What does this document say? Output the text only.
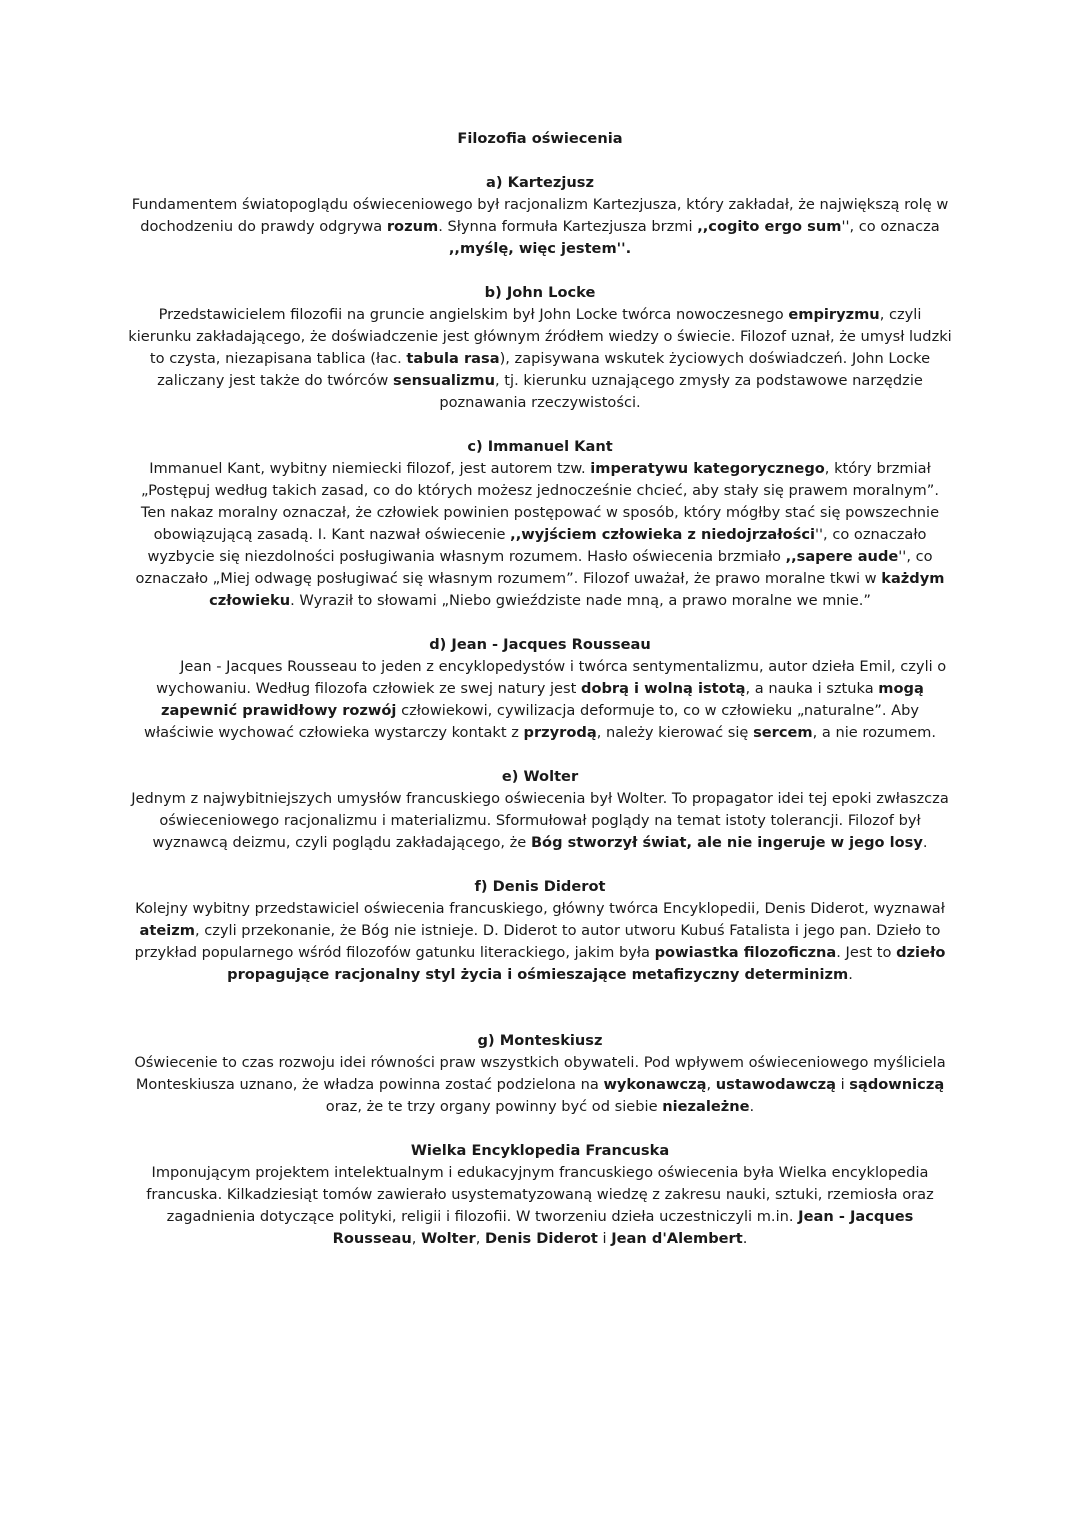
Filozofia oświecenia

a) Kartezjusz

Fundamentem światopoglądu oświeceniowego był racjonalizm Kartezjusza, który zakładał, że największą rolę w dochodzeniu do prawdy odgrywa rozum. Słynna formuła Kartezjusza brzmi ,,cogito ergo sum'', co oznacza ,,myślę, więc jestem''.

b) John Locke

Przedstawicielem filozofii na gruncie angielskim był John Locke twórca nowoczesnego empiryzmu, czyli kierunku zakładającego, że doświadczenie jest głównym źródłem wiedzy o świecie. Filozof uznał, że umysł ludzki to czysta, niezapisana tablica (łac. tabula rasa), zapisywana wskutek życiowych doświadczeń. John Locke zaliczany jest także do twórców sensualizmu, tj. kierunku uznającego zmysły za podstawowe narzędzie poznawania rzeczywistości.

c) Immanuel Kant

Immanuel Kant, wybitny niemiecki filozof, jest autorem tzw. imperatywu kategorycznego, który brzmiał „Postępuj według takich zasad, co do których możesz jednocześnie chcieć, aby stały się prawem moralnym”. Ten nakaz moralny oznaczał, że człowiek powinien postępować w sposób, który mógłby stać się powszechnie obowiązującą zasadą. I. Kant nazwał oświecenie ,,wyjściem człowieka z niedojrzałości'', co oznaczało wyzbycie się niezdolności posługiwania własnym rozumem. Hasło oświecenia brzmiało ,,sapere aude'', co oznaczało „Miej odwagę posługiwać się własnym rozumem”. Filozof uważał, że prawo moralne tkwi w każdym człowieku. Wyraził to słowami „Niebo gwieździste nade mną, a prawo moralne we mnie.”

d) Jean - Jacques Rousseau

Jean - Jacques Rousseau to jeden z encyklopedystów i twórca sentymentalizmu, autor dzieła Emil, czyli o wychowaniu. Według filozofa człowiek ze swej natury jest dobrą i wolną istotą, a nauka i sztuka mogą zapewnić prawidłowy rozwój człowiekowi, cywilizacja deformuje to, co w człowieku „naturalne”. Aby właściwie wychować człowieka wystarczy kontakt z przyrodą, należy kierować się sercem, a nie rozumem.

e) Wolter

Jednym z najwybitniejszych umysłów francuskiego oświecenia był Wolter. To propagator idei tej epoki zwłaszcza oświeceniowego racjonalizmu i materializmu. Sformułował poglądy na temat istoty tolerancji. Filozof był wyznawcą deizmu, czyli poglądu zakładającego, że Bóg stworzył świat, ale nie ingeruje w jego losy.

f) Denis Diderot

Kolejny wybitny przedstawiciel oświecenia francuskiego, główny twórca Encyklopedii, Denis Diderot, wyznawał ateizm, czyli przekonanie, że Bóg nie istnieje. D. Diderot to autor utworu Kubuś Fatalista i jego pan. Dzieło to przykład popularnego wśród filozofów gatunku literackiego, jakim była powiastka filozoficzna. Jest to dzieło propagujące racjonalny styl życia i ośmieszające metafizyczny determinizm.

g) Monteskiusz

Oświecenie to czas rozwoju idei równości praw wszystkich obywateli. Pod wpływem oświeceniowego myśliciela Monteskiusza uznano, że władza powinna zostać podzielona na wykonawczą, ustawodawczą i sądowniczą oraz, że te trzy organy powinny być od siebie niezależne.

Wielka Encyklopedia Francuska

Imponującym projektem intelektualnym i edukacyjnym francuskiego oświecenia była Wielka encyklopedia francuska. Kilkadziesiąt tomów zawierało usystematyzowaną wiedzę z zakresu nauki, sztuki, rzemiosła oraz zagadnienia dotyczące polityki, religii i filozofii. W tworzeniu dzieła uczestniczyli m.in. Jean - Jacques Rousseau, Wolter, Denis Diderot i Jean d'Alembert.
